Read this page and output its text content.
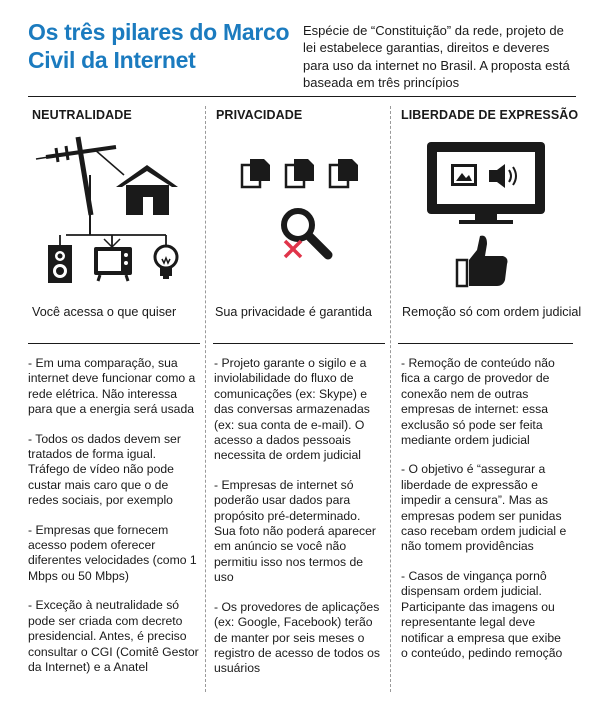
Os três pilares do Marco Civil da Internet
Espécie de “Constituição” da rede, projeto de lei estabelece garantias, direitos e deveres para uso da internet no Brasil. A proposta está baseada em três princípios
NEUTRALIDADE
Você acessa o que quiser

- Em uma comparação, sua internet deve funcionar como a rede elétrica. Não interessa para que a energia será usada

- Todos os dados devem ser tratados de forma igual. Tráfego de vídeo não pode custar mais caro que o de redes sociais, por exemplo

- Empresas que fornecem acesso podem oferecer diferentes velocidades (como 1 Mbps ou 50 Mbps)

- Exceção à neutralidade só pode ser criada com decreto presidencial. Antes, é preciso consultar o CGI (Comitê Gestor da Internet) e a Anatel

PRIVACIDADE
Sua privacidade é garantida

- Projeto garante o sigilo e a inviolabilidade do fluxo de comunicações (ex: Skype) e das conversas armazenadas (ex: sua conta de e-mail). O acesso a dados pessoais necessita de ordem judicial

- Empresas de internet só poderão usar dados para propósito pré-determinado. Sua foto não poderá aparecer em anúncio se você não permitiu isso nos termos de uso

- Os provedores de aplicações (ex: Google, Facebook) terão de manter por seis meses o registro de acesso de todos os usuários

LIBERDADE DE EXPRESSÃO
Remoção só com ordem judicial

- Remoção de conteúdo não fica a cargo de provedor de conexão nem de outras empresas de internet: essa exclusão só pode ser feita mediante ordem judicial

- O objetivo é “assegurar a liberdade de expressão e impedir a censura”. Mas as empresas podem ser punidas caso recebam ordem judicial e não tomem providências

- Casos de vingança pornô dispensam ordem judicial. Participante das imagens ou representante legal deve notificar a empresa que exibe o conteúdo, pedindo remoção
